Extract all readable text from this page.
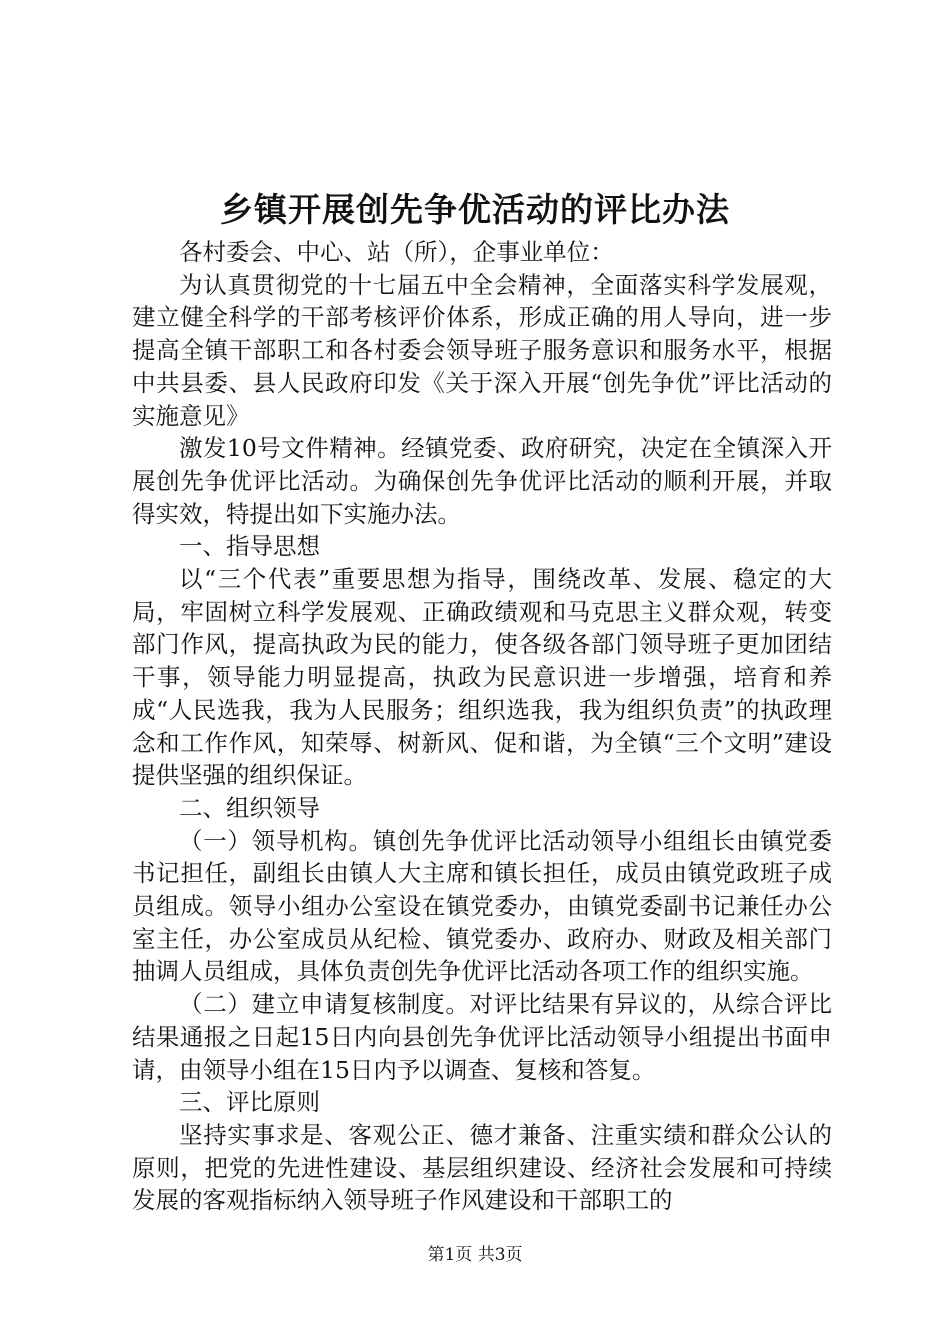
乡镇开展创先争优活动的评比办法

各村委会、中心、站（所），企事业单位：

为认真贯彻党的十七届五中全会精神，全面落实科学发展观，建立健全科学的干部考核评价体系，形成正确的用人导向，进一步提高全镇干部职工和各村委会领导班子服务意识和服务水平，根据中共县委、县人民政府印发《关于深入开展“创先争优”评比活动的实施意见》

激发10号文件精神。经镇党委、政府研究，决定在全镇深入开展创先争优评比活动。为确保创先争优评比活动的顺利开展，并取得实效，特提出如下实施办法。

一、指导思想

以“三个代表”重要思想为指导，围绕改革、发展、稳定的大局，牢固树立科学发展观、正确政绩观和马克思主义群众观，转变部门作风，提高执政为民的能力，使各级各部门领导班子更加团结干事，领导能力明显提高，执政为民意识进一步增强，培育和养成“人民选我，我为人民服务；组织选我，我为组织负责”的执政理念和工作作风，知荣辱、树新风、促和谐，为全镇“三个文明”建设提供坚强的组织保证。

二、组织领导

（一）领导机构。镇创先争优评比活动领导小组组长由镇党委书记担任，副组长由镇人大主席和镇长担任，成员由镇党政班子成员组成。领导小组办公室设在镇党委办，由镇党委副书记兼任办公室主任，办公室成员从纪检、镇党委办、政府办、财政及相关部门抽调人员组成，具体负责创先争优评比活动各项工作的组织实施。

（二）建立申请复核制度。对评比结果有异议的，从综合评比结果通报之日起15日内向县创先争优评比活动领导小组提出书面申请，由领导小组在15日内予以调查、复核和答复。

三、评比原则

坚持实事求是、客观公正、德才兼备、注重实绩和群众公认的原则，把党的先进性建设、基层组织建设、经济社会发展和可持续发展的客观指标纳入领导班子作风建设和干部职工的

第1页 共3页
